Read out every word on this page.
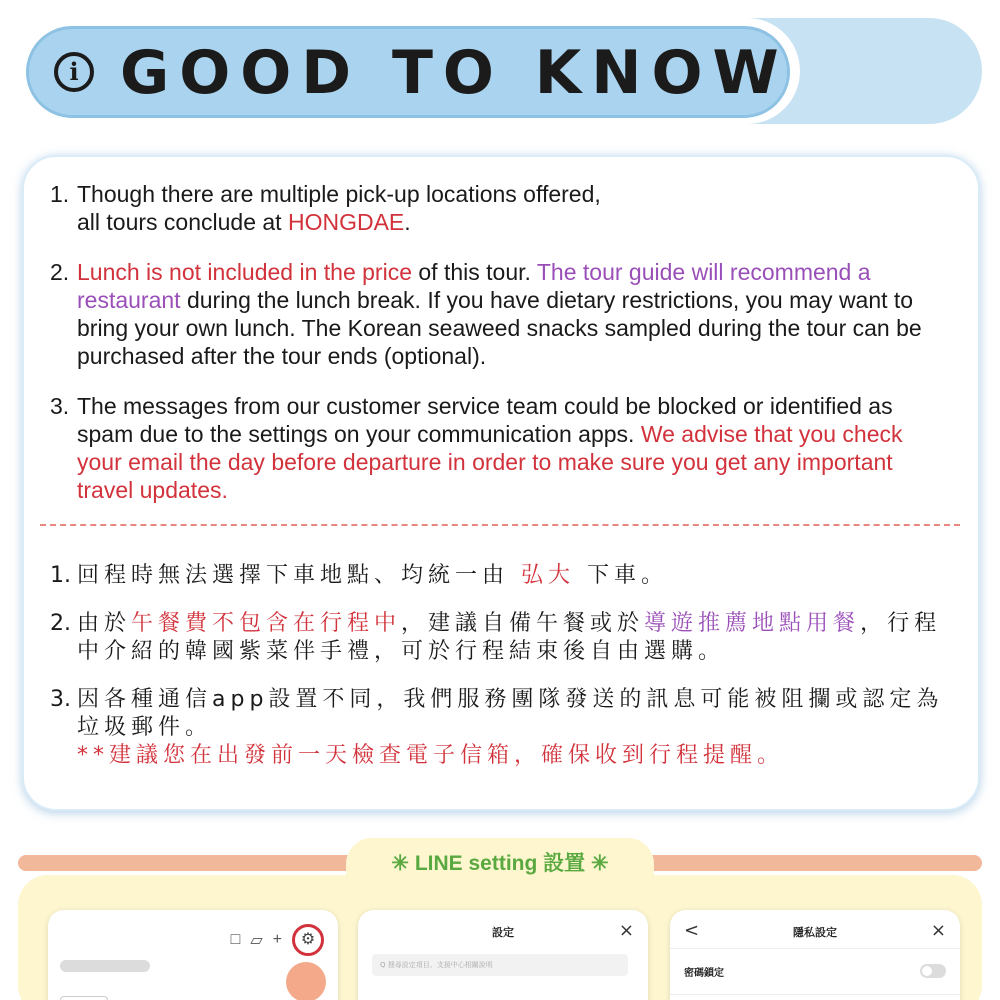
i GOOD TO KNOW
1. Though there are multiple pick-up locations offered,
all tours conclude at HONGDAE.
2. Lunch is not included in the price of this tour. The tour guide will recommend a restaurant during the lunch break. If you have dietary restrictions, you may want to bring your own lunch. The Korean seaweed snacks sampled during the tour can be purchased after the tour ends (optional).
3. The messages from our customer service team could be blocked or identified as spam due to the settings on your communication apps. We advise that you check your email the day before departure in order to make sure you get any important travel updates.
1. 回程時無法選擇下車地點、均統一由 弘大 下車。
2. 由於午餐費不包含在行程中，建議自備午餐或於導遊推薦地點用餐，行程中介紹的韓國紫菜伴手禮，可於行程結束後自由選購。
3. 因各種通信app設置不同，我們服務團隊發送的訊息可能被阻攔或認定為垃圾郵件。
**建議您在出發前一天檢查電子信箱，確保收到行程提醒。
✳ LINE setting 設置 ✳
□ ▱ +	⚙	設定	×
Q 搜尋設定項目、支援中心相關說明
<	隱私設定	×
密碼鎖定
